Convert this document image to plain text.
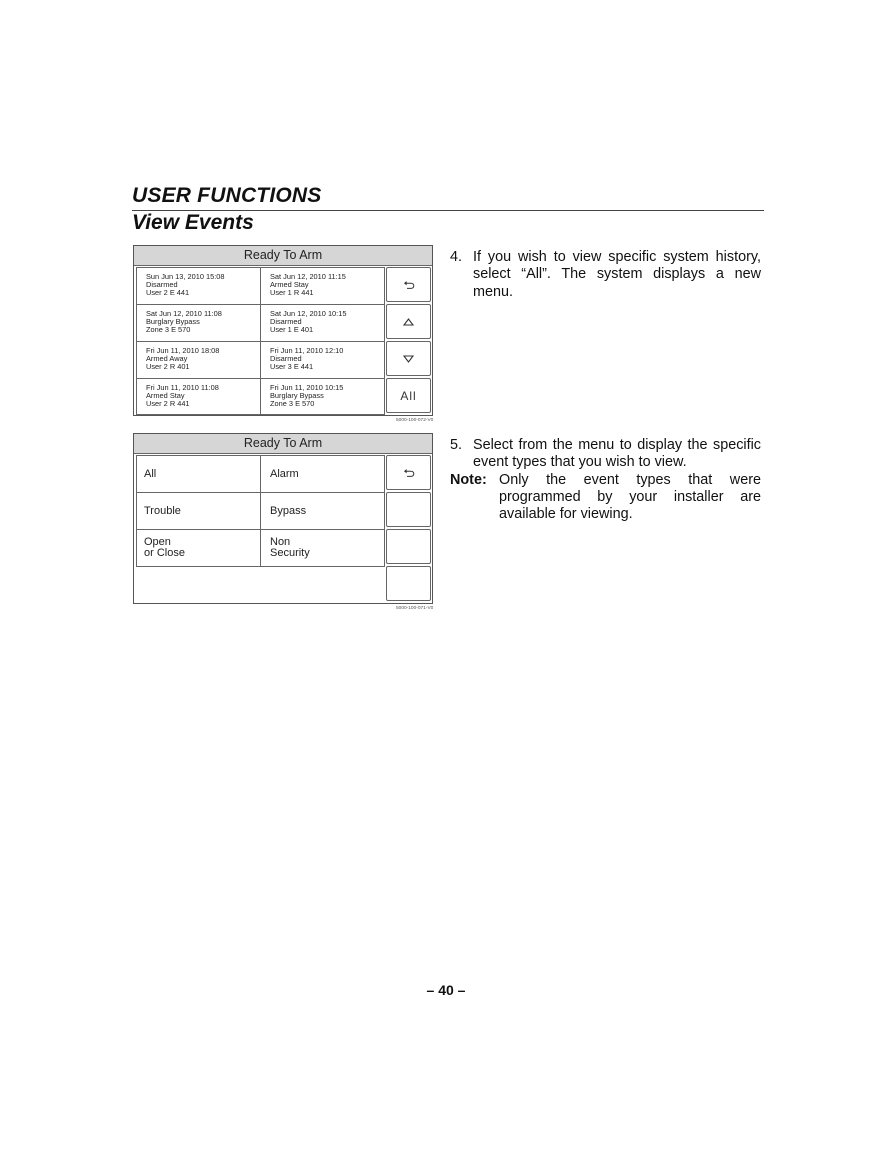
USER FUNCTIONS
View Events
Ready To Arm
Sun Jun 13, 2010 15:08
Disarmed
User 2 E 441
Sat Jun 12, 2010 11:15
Armed Stay
User 1 R 441
Sat Jun 12, 2010 11:08
Burglary Bypass
Zone 3 E 570
Sat Jun 12, 2010 10:15
Disarmed
User 1 E 401
Fri Jun 11, 2010 18:08
Armed Away
User 2 R 401
Fri Jun 11, 2010 12:10
Disarmed
User 3 E 441
Fri Jun 11, 2010 11:08
Armed Stay
User 2 R 441
Fri Jun 11, 2010 10:15
Burglary Bypass
Zone 3 E 570
All
5000-100-072-V0
Ready To Arm
All	Alarm
Trouble	Bypass
Open
or Close
Non
Security
5000-100-071-V0
4. If you wish to view specific system history, select “All”. The system displays a new menu.
5. Select from the menu to display the specific event types that you wish to view.
Note: Only the event types that were programmed by your installer are available for viewing.
– 40 –
